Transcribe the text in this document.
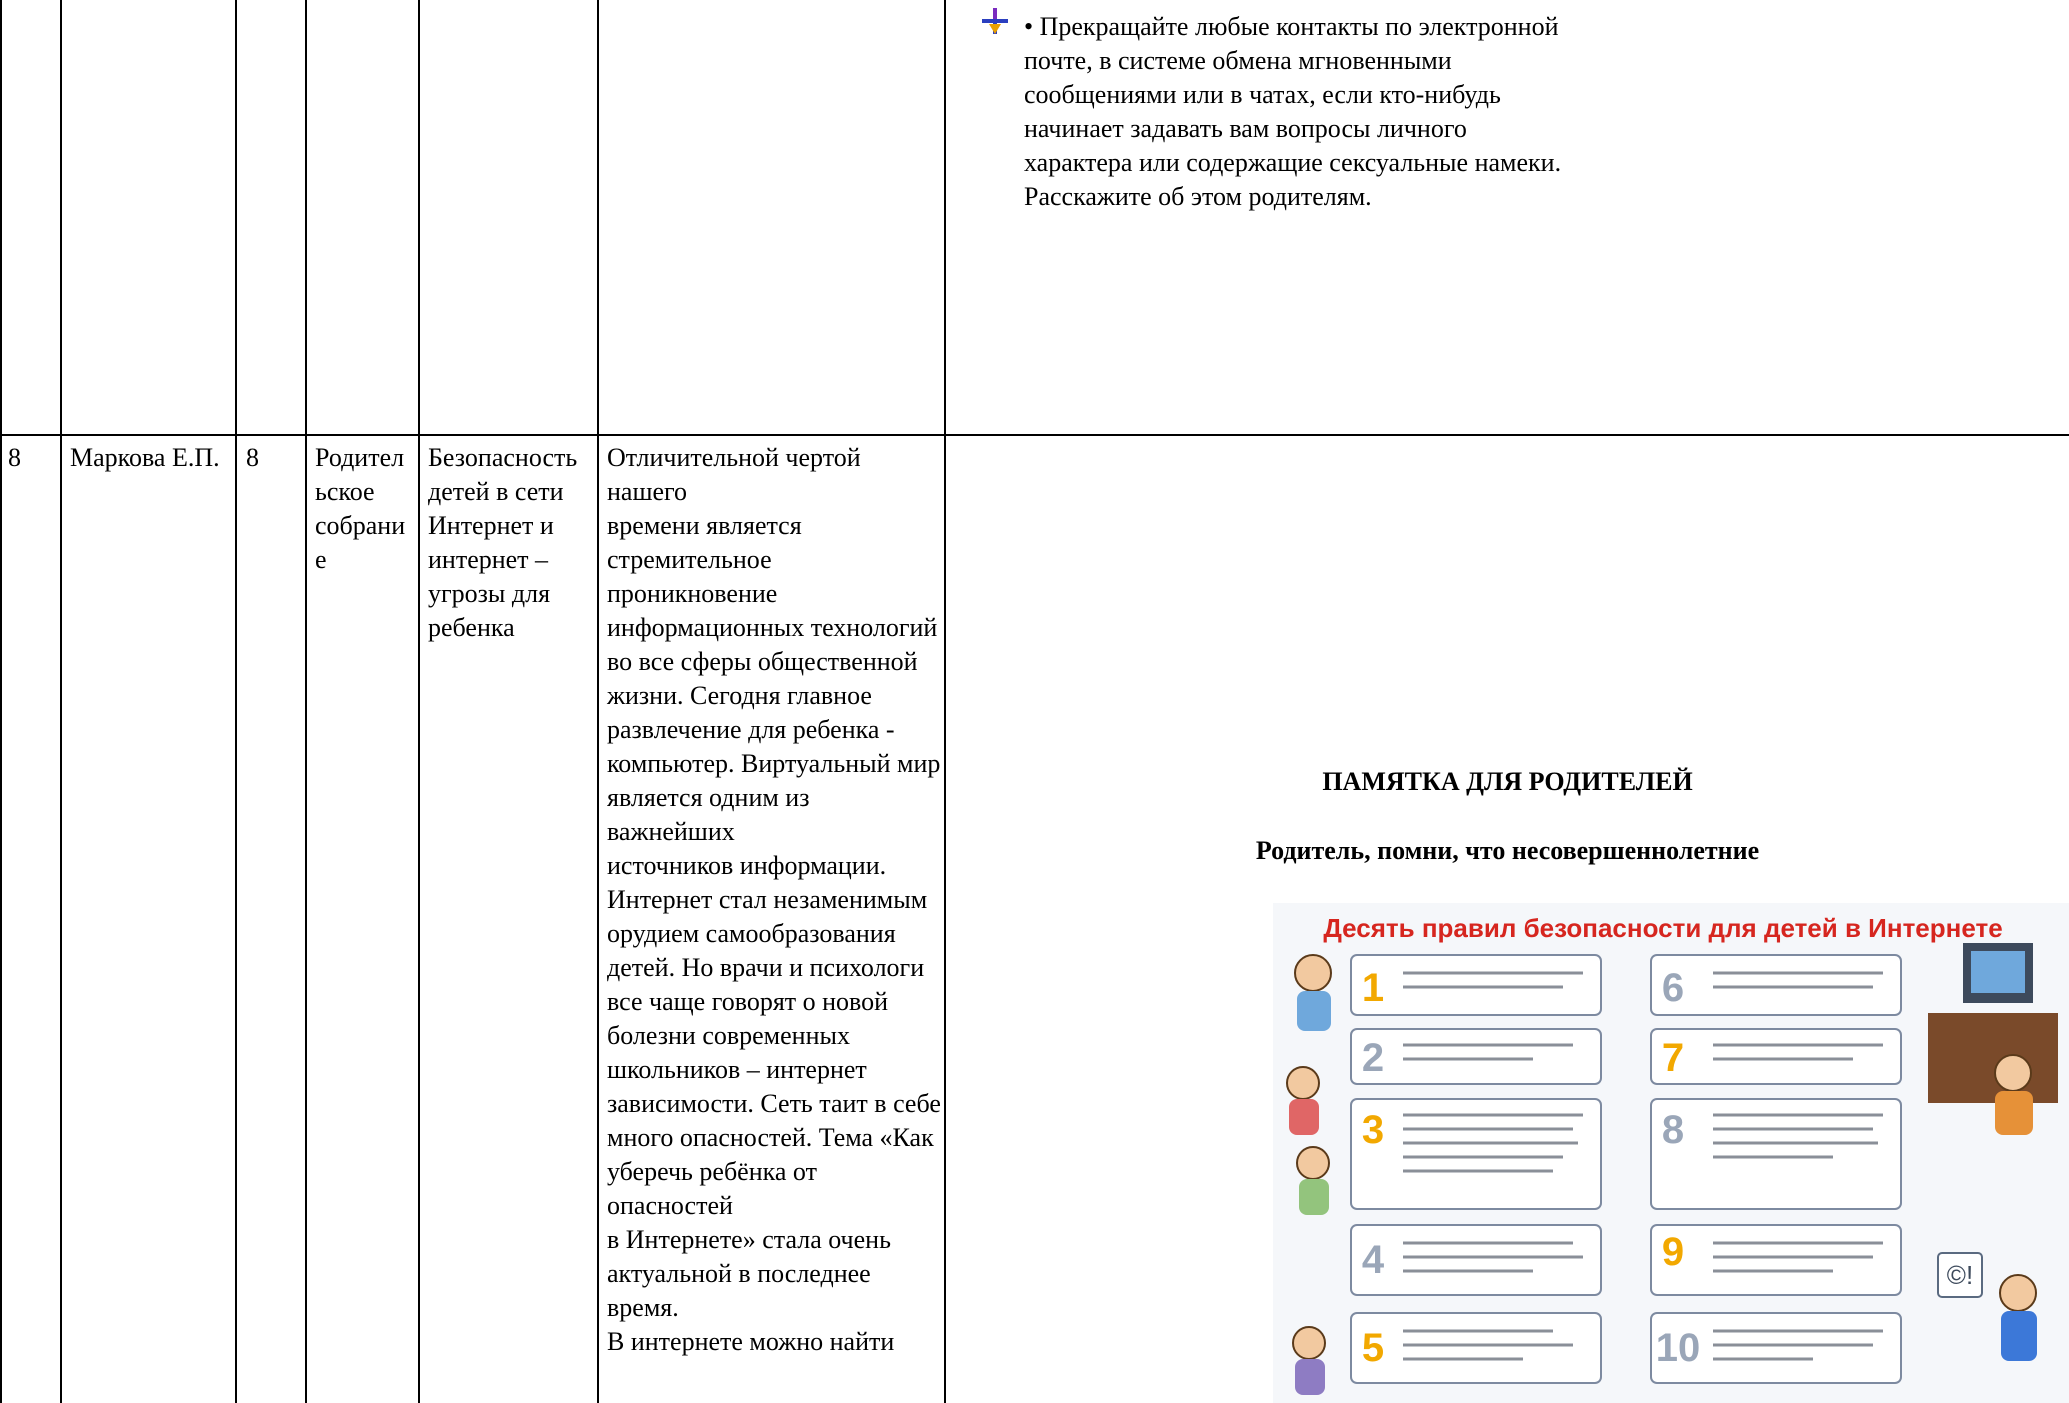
• Прекращайте любые контакты по электронной почте, в системе обмена мгновенными сообщениями или в чатах, если кто-нибудь начинает задавать вам вопросы личного характера или содержащие сексуальные намеки. Расскажите об этом родителям.
8 Маркова Е.П. 8 Родител
ьское
собрани
е
Безопасность
детей в сети
Интернет и
интернет –
угрозы для
ребенка
Отличительной чертой нашего
времени является
стремительное проникновение
информационных технологий
во все сферы общественной
жизни. Сегодня главное
развлечение для ребенка -
компьютер. Виртуальный мир
является одним из важнейших
источников информации.
Интернет стал незаменимым
орудием самообразования
детей. Но врачи и психологи
все чаще говорят о новой
болезни современных
школьников – интернет
зависимости. Сеть таит в себе
много опасностей. Тема «Как
уберечь ребёнка от опасностей
в Интернете» стала очень
актуальной в последнее время.
В интернете можно найти
ПАМЯТКА ДЛЯ РОДИТЕЛЕЙ
Родитель, помни, что несовершеннолетние
Десять правил безопасности для детей в Интернете
1
2
3
4
5
6
7
8
9
10
©!
